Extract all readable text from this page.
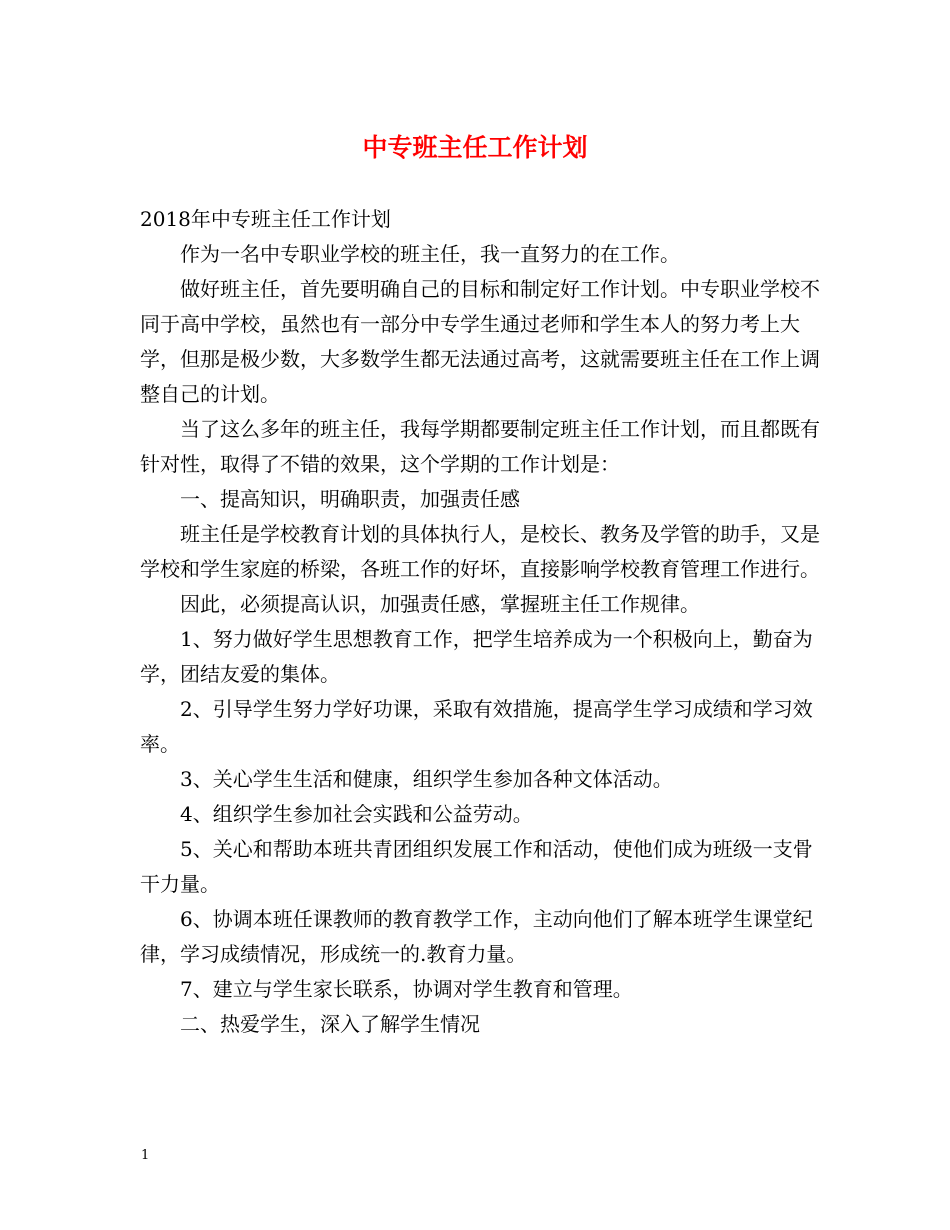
中专班主任工作计划

2018年中专班主任工作计划

作为一名中专职业学校的班主任，我一直努力的在工作。

做好班主任，首先要明确自己的目标和制定好工作计划。中专职业学校不同于高中学校，虽然也有一部分中专学生通过老师和学生本人的努力考上大学，但那是极少数，大多数学生都无法通过高考，这就需要班主任在工作上调整自己的计划。

当了这么多年的班主任，我每学期都要制定班主任工作计划，而且都既有针对性，取得了不错的效果，这个学期的工作计划是：

一、提高知识，明确职责，加强责任感

班主任是学校教育计划的具体执行人，是校长、教务及学管的助手，又是学校和学生家庭的桥梁，各班工作的好坏，直接影响学校教育管理工作进行。

因此，必须提高认识，加强责任感，掌握班主任工作规律。

1、努力做好学生思想教育工作，把学生培养成为一个积极向上，勤奋为学，团结友爱的集体。

2、引导学生努力学好功课，采取有效措施，提高学生学习成绩和学习效率。

3、关心学生生活和健康，组织学生参加各种文体活动。

4、组织学生参加社会实践和公益劳动。

5、关心和帮助本班共青团组织发展工作和活动，使他们成为班级一支骨干力量。

6、协调本班任课教师的教育教学工作，主动向他们了解本班学生课堂纪律，学习成绩情况，形成统一的.教育力量。

7、建立与学生家长联系，协调对学生教育和管理。

二、热爱学生，深入了解学生情况

1
